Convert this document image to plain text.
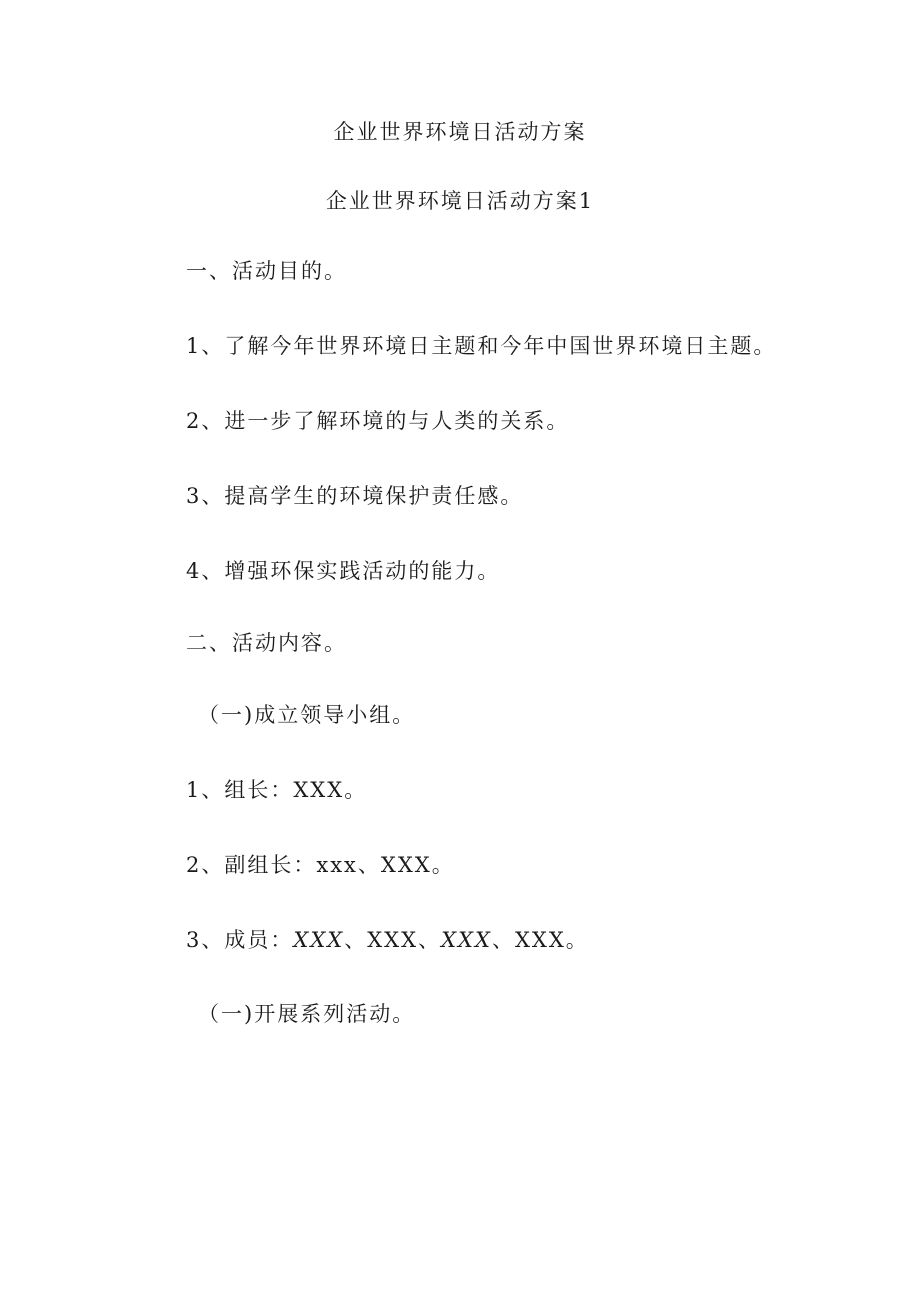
企业世界环境日活动方案
企业世界环境日活动方案1
一、活动目的。
1、了解今年世界环境日主题和今年中国世界环境日主题。
2、进一步了解环境的与人类的关系。
3、提高学生的环境保护责任感。
4、增强环保实践活动的能力。
二、活动内容。
（一)成立领导小组。
1、组长：XXX。
2、副组长：xxx、XXX。
3、成员：XXX、XXX、XXX、XXX。
（一)开展系列活动。
